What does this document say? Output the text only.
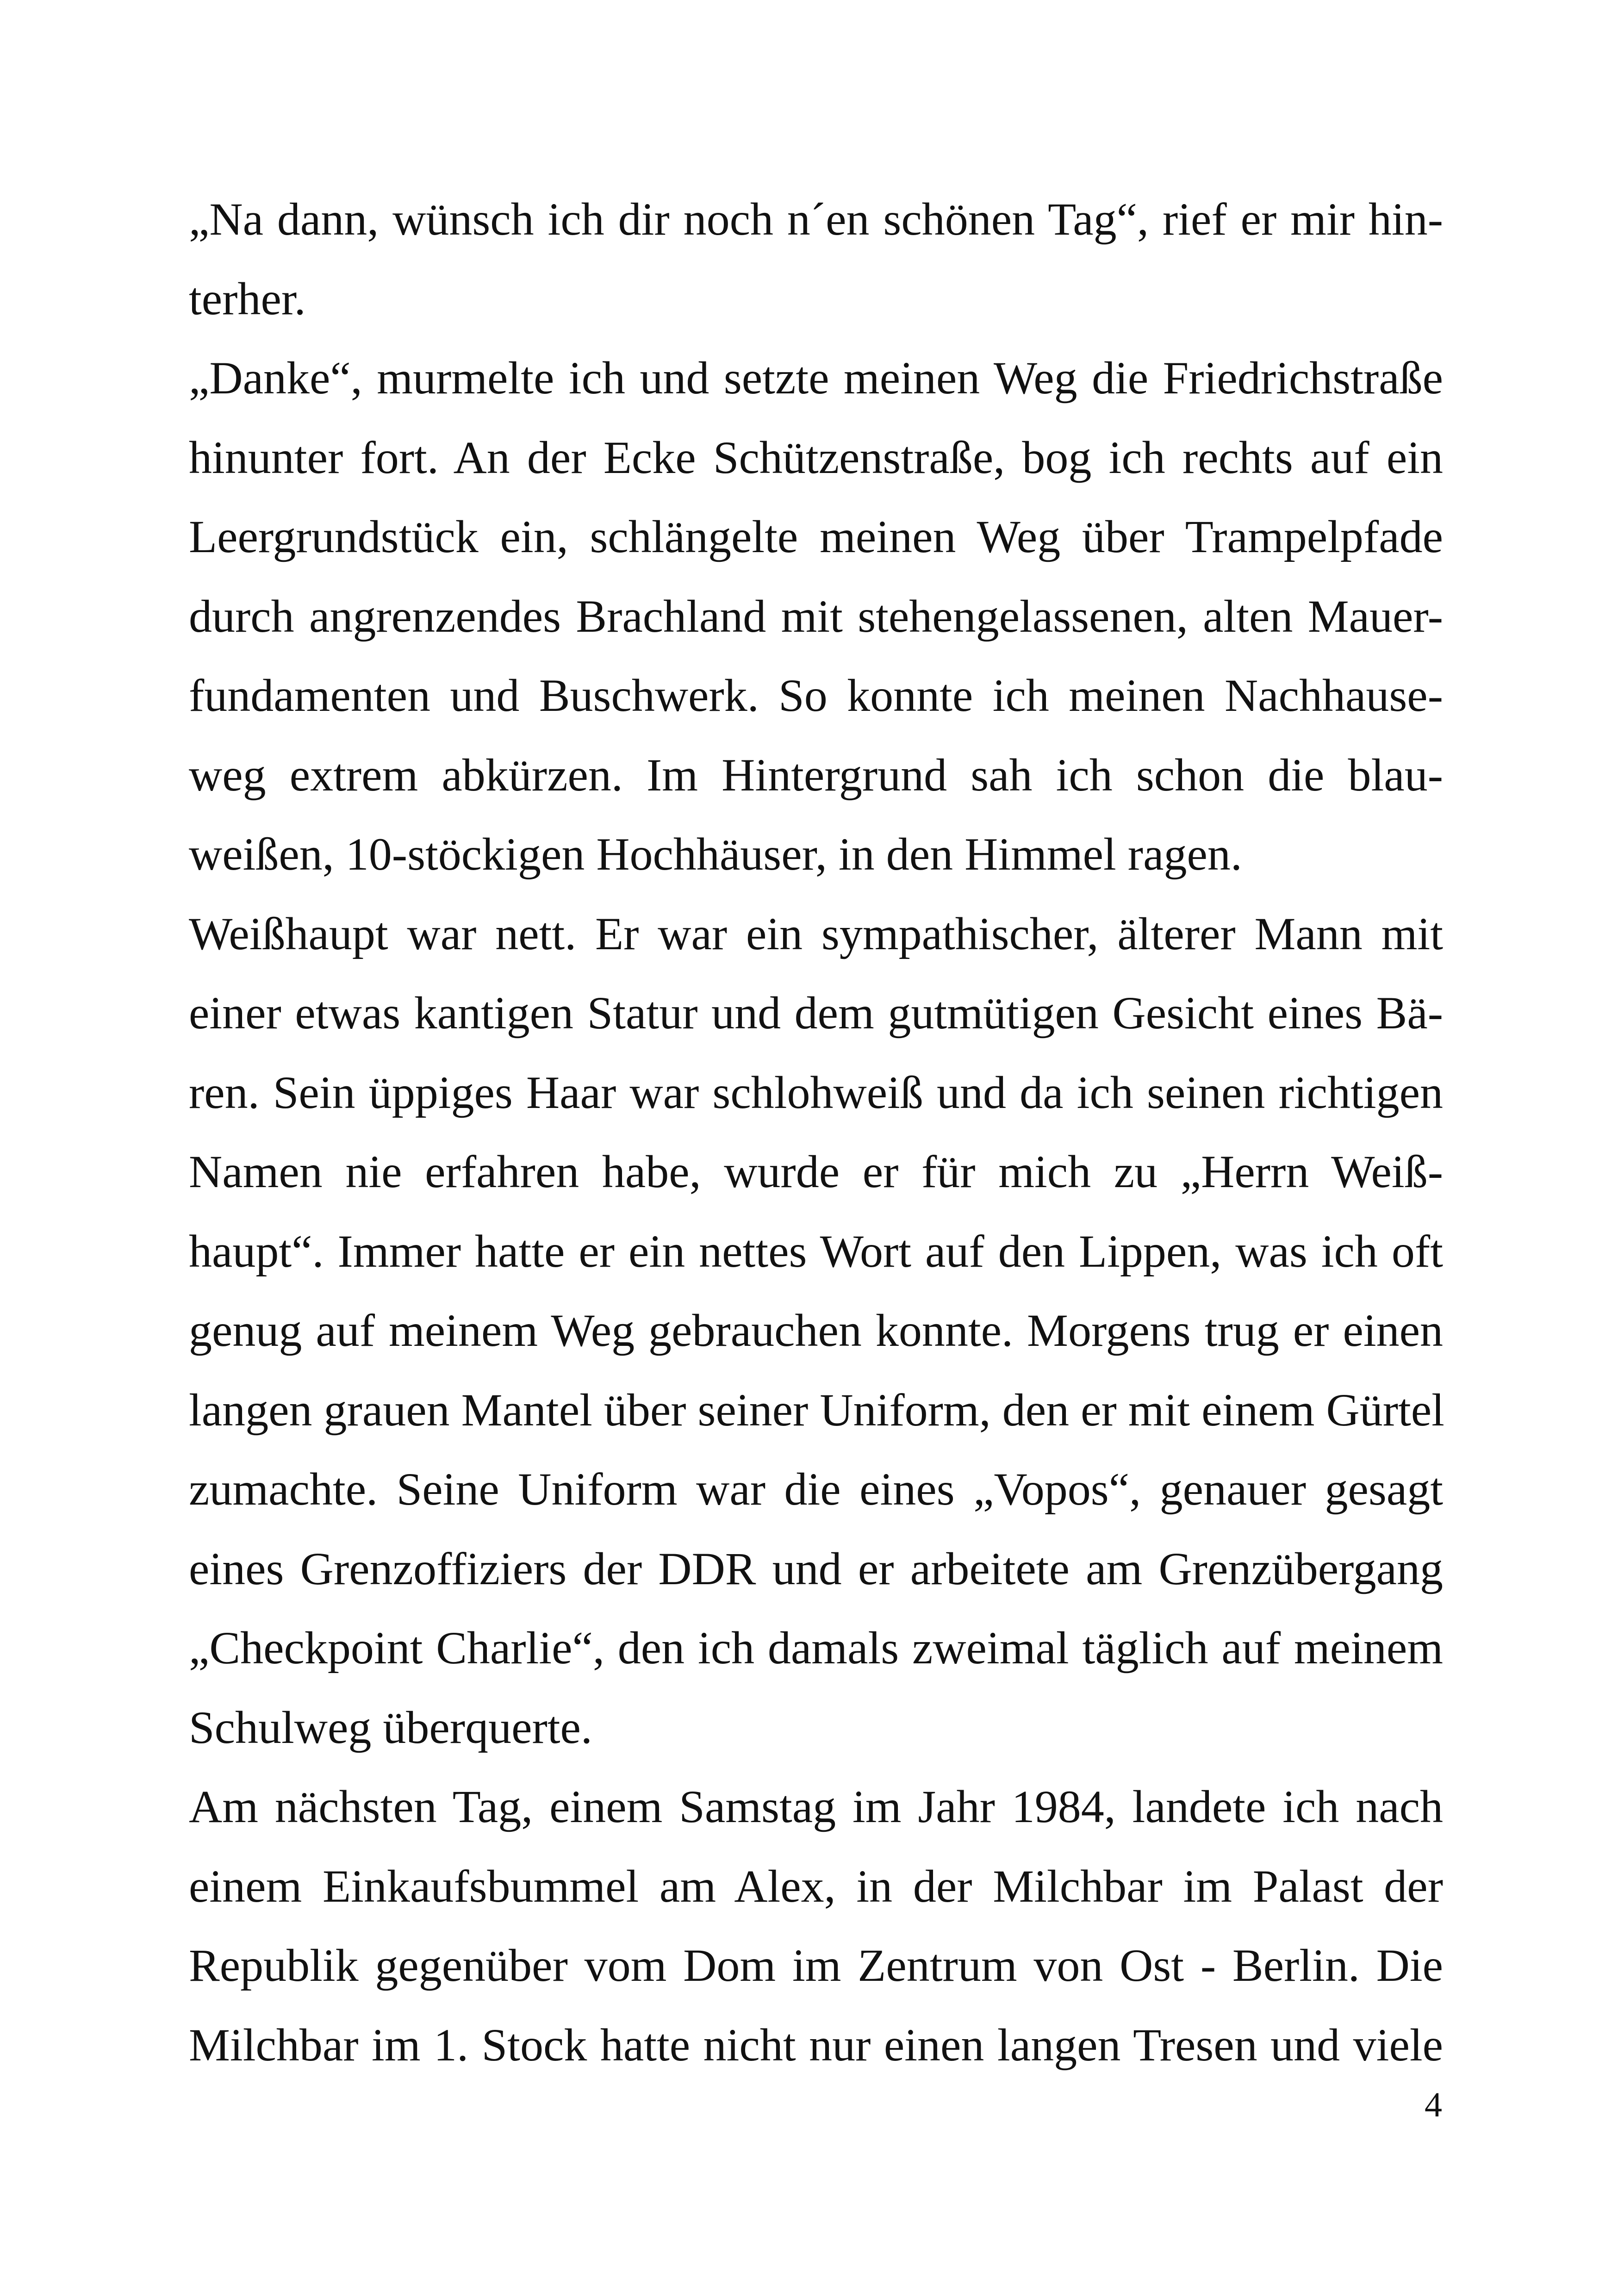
„Na dann, wünsch ich dir noch n´en schönen Tag“, rief er mir hin-
terher.
„Danke“, murmelte ich und setzte meinen Weg die Friedrichstraße
hinunter fort. An der Ecke Schützenstraße, bog ich rechts auf ein
Leergrundstück ein, schlängelte meinen Weg über Trampelpfade
durch angrenzendes Brachland mit stehengelassenen, alten Mauer-
fundamenten und Buschwerk. So konnte ich meinen Nachhause-
weg extrem abkürzen. Im Hintergrund sah ich schon die blau-
weißen, 10-stöckigen Hochhäuser, in den Himmel ragen.
Weißhaupt war nett. Er war ein sympathischer, älterer Mann mit
einer etwas kantigen Statur und dem gutmütigen Gesicht eines Bä-
ren. Sein üppiges Haar war schlohweiß und da ich seinen richtigen
Namen nie erfahren habe, wurde er für mich zu „Herrn Weiß-
haupt“. Immer hatte er ein nettes Wort auf den Lippen, was ich oft
genug auf meinem Weg gebrauchen konnte. Morgens trug er einen
langen grauen Mantel über seiner Uniform, den er mit einem Gürtel
zumachte. Seine Uniform war die eines „Vopos“, genauer gesagt
eines Grenzoffiziers der DDR und er arbeitete am Grenzübergang
„Checkpoint Charlie“, den ich damals zweimal täglich auf meinem
Schulweg überquerte.
Am nächsten Tag, einem Samstag im Jahr 1984, landete ich nach
einem Einkaufsbummel am Alex, in der Milchbar im Palast der
Republik gegenüber vom Dom im Zentrum von Ost - Berlin. Die
Milchbar im 1. Stock hatte nicht nur einen langen Tresen und viele
4
